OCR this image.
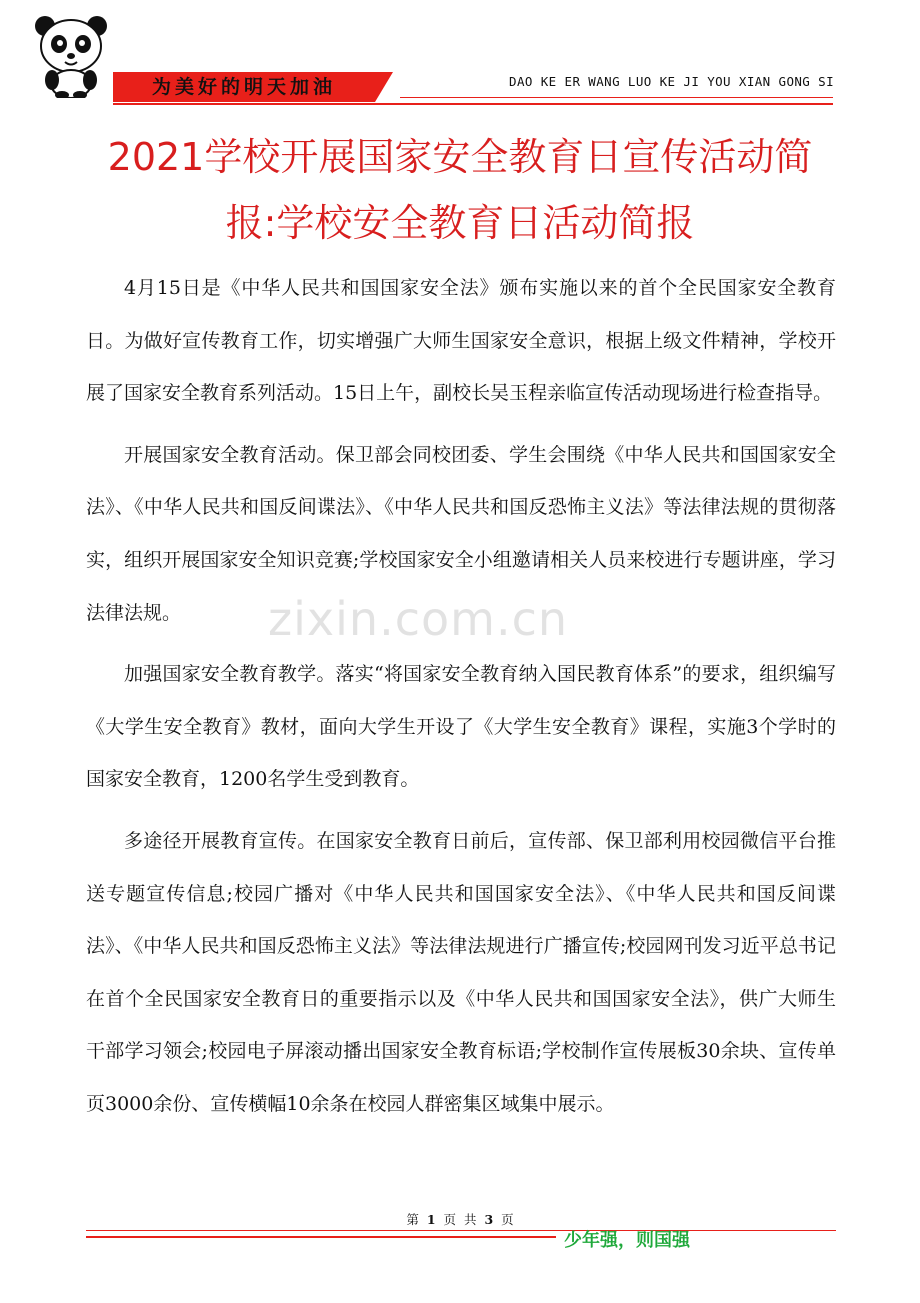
为美好的明天加油	DAO KE ER WANG LUO KE JI YOU XIAN GONG SI
2021学校开展国家安全教育日宣传活动简
报:学校安全教育日活动简报

4月15日是《中华人民共和国国家安全法》颁布实施以来的首个全民国家安全教育日。为做好宣传教育工作，切实增强广大师生国家安全意识，根据上级文件精神，学校开展了国家安全教育系列活动。15日上午，副校长吴玉程亲临宣传活动现场进行检查指导。

开展国家安全教育活动。保卫部会同校团委、学生会围绕《中华人民共和国国家安全法》、《中华人民共和国反间谍法》、《中华人民共和国反恐怖主义法》等法律法规的贯彻落实，组织开展国家安全知识竞赛;学校国家安全小组邀请相关人员来校进行专题讲座，学习法律法规。

加强国家安全教育教学。落实“将国家安全教育纳入国民教育体系”的要求，组织编写《大学生安全教育》教材，面向大学生开设了《大学生安全教育》课程，实施3个学时的国家安全教育，1200名学生受到教育。

多途径开展教育宣传。在国家安全教育日前后，宣传部、保卫部利用校园微信平台推送专题宣传信息;校园广播对《中华人民共和国国家安全法》、《中华人民共和国反间谍法》、《中华人民共和国反恐怖主义法》等法律法规进行广播宣传;校园网刊发习近平总书记在首个全民国家安全教育日的重要指示以及《中华人民共和国国家安全法》，供广大师生干部学习领会;校园电子屏滚动播出国家安全教育标语;学校制作宣传展板30余块、宣传单页3000余份、宣传横幅10余条在校园人群密集区域集中展示。

zixin.com.cn
第 1 页 共 3 页
少年强，则国强
